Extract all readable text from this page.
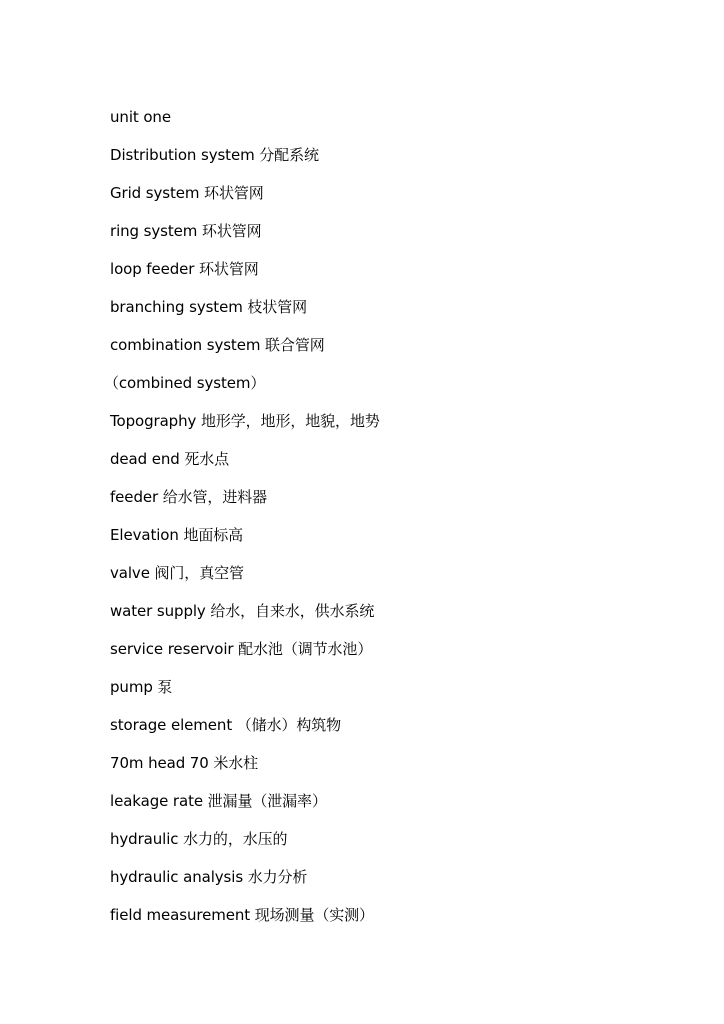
unit one
Distribution system 分配系统
Grid system 环状管网
ring system 环状管网
loop feeder 环状管网
branching system 枝状管网
combination system 联合管网
（combined system）
Topography 地形学，地形，地貌，地势
dead end 死水点
feeder 给水管，进料器
Elevation 地面标高
valve 阀门，真空管
water supply 给水，自来水，供水系统
service reservoir 配水池（调节水池）
pump 泵
storage element （储水）构筑物
70m head 70 米水柱
leakage rate 泄漏量（泄漏率）
hydraulic 水力的，水压的
hydraulic analysis 水力分析
field measurement 现场测量（实测）
